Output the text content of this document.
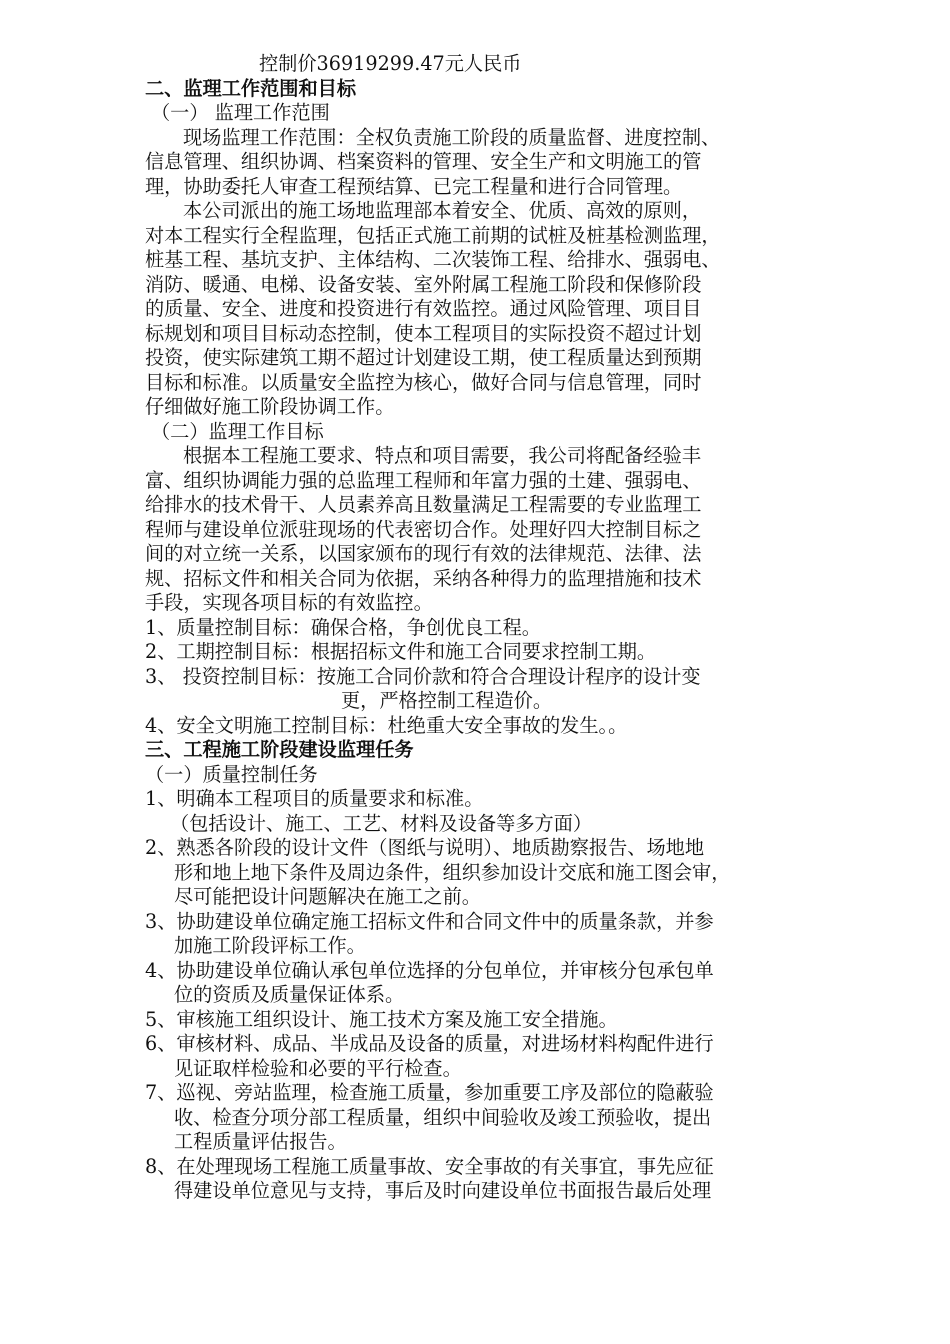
控制价36919299.47元人民币
二、监理工作范围和目标
（一） 监理工作范围
现场监理工作范围：全权负责施工阶段的质量监督、进度控制、
信息管理、组织协调、档案资料的管理、安全生产和文明施工的管
理，协助委托人审查工程预结算、已完工程量和进行合同管理。
本公司派出的施工场地监理部本着安全、优质、高效的原则，
对本工程实行全程监理，包括正式施工前期的试桩及桩基检测监理，
桩基工程、基坑支护、主体结构、二次装饰工程、给排水、强弱电、
消防、暖通、电梯、设备安装、室外附属工程施工阶段和保修阶段
的质量、安全、进度和投资进行有效监控。通过风险管理、项目目
标规划和项目目标动态控制，使本工程项目的实际投资不超过计划
投资，使实际建筑工期不超过计划建设工期，使工程质量达到预期
目标和标准。以质量安全监控为核心，做好合同与信息管理，同时
仔细做好施工阶段协调工作。
（二）监理工作目标
根据本工程施工要求、特点和项目需要，我公司将配备经验丰
富、组织协调能力强的总监理工程师和年富力强的土建、强弱电、
给排水的技术骨干、人员素养高且数量满足工程需要的专业监理工
程师与建设单位派驻现场的代表密切合作。处理好四大控制目标之
间的对立统一关系，以国家颁布的现行有效的法律规范、法律、法
规、招标文件和相关合同为依据，采纳各种得力的监理措施和技术
手段，实现各项目标的有效监控。
1、质量控制目标：确保合格，争创优良工程。
2、工期控制目标：根据招标文件和施工合同要求控制工期。
3、 投资控制目标：按施工合同价款和符合合理设计程序的设计变
更，严格控制工程造价。
4、安全文明施工控制目标：杜绝重大安全事故的发生。。
三、工程施工阶段建设监理任务
（一）质量控制任务
1、明确本工程项目的质量要求和标准。
（包括设计、施工、工艺、材料及设备等多方面）
2、熟悉各阶段的设计文件（图纸与说明）、地质勘察报告、场地地
形和地上地下条件及周边条件，组织参加设计交底和施工图会审，
尽可能把设计问题解决在施工之前。
3、协助建设单位确定施工招标文件和合同文件中的质量条款，并参
加施工阶段评标工作。
4、协助建设单位确认承包单位选择的分包单位，并审核分包承包单
位的资质及质量保证体系。
5、审核施工组织设计、施工技术方案及施工安全措施。
6、审核材料、成品、半成品及设备的质量，对进场材料构配件进行
见证取样检验和必要的平行检查。
7、巡视、旁站监理，检查施工质量，参加重要工序及部位的隐蔽验
收、检查分项分部工程质量，组织中间验收及竣工预验收，提出
工程质量评估报告。
8、在处理现场工程施工质量事故、安全事故的有关事宜，事先应征
得建设单位意见与支持，事后及时向建设单位书面报告最后处理
